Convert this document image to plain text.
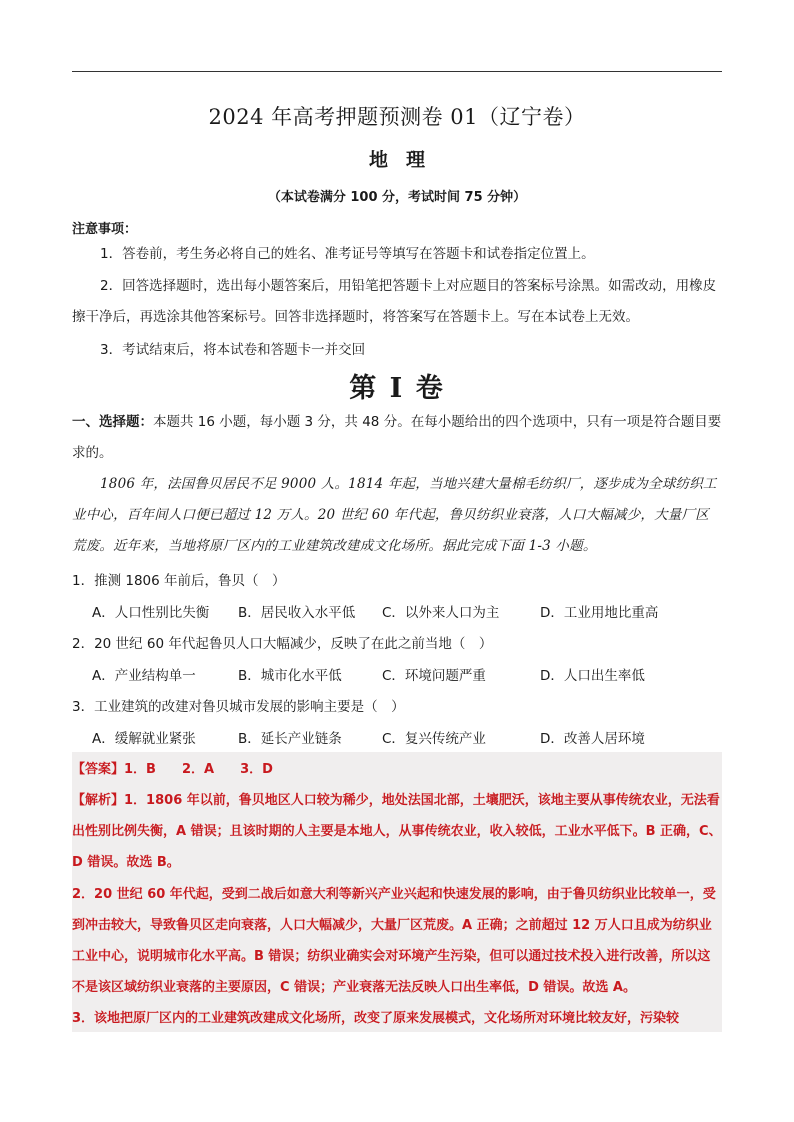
2024 年高考押题预测卷 01（辽宁卷）
地理
（本试卷满分 100 分，考试时间 75 分钟）
注意事项：
1．答卷前，考生务必将自己的姓名、准考证号等填写在答题卡和试卷指定位置上。
2．回答选择题时，选出每小题答案后，用铅笔把答题卡上对应题目的答案标号涂黑。如需改动，用橡皮擦干净后，再选涂其他答案标号。回答非选择题时，将答案写在答题卡上。写在本试卷上无效。
3．考试结束后，将本试卷和答题卡一并交回
第 I 卷
一、选择题：本题共 16 小题，每小题 3 分，共 48 分。在每小题给出的四个选项中，只有一项是符合题目要求的。
1806 年，法国鲁贝居民不足 9000 人。1814 年起，当地兴建大量棉毛纺织厂，逐步成为全球纺织工业中心，百年间人口便已超过 12 万人。20 世纪 60 年代起，鲁贝纺织业衰落，人口大幅减少，大量厂区荒废。近年来，当地将原厂区内的工业建筑改建成文化场所。据此完成下面 1-3 小题。
1．推测 1806 年前后，鲁贝（　）
A．人口性别比失衡	B．居民收入水平低	C．以外来人口为主	D．工业用地比重高
2．20 世纪 60 年代起鲁贝人口大幅减少，反映了在此之前当地（　）
A．产业结构单一	B．城市化水平低	C．环境问题严重	D．人口出生率低
3．工业建筑的改建对鲁贝城市发展的影响主要是（　）
A．缓解就业紧张	B．延长产业链条	C．复兴传统产业	D．改善人居环境
【答案】1．B　　2．A　　3．D
【解析】1．1806 年以前，鲁贝地区人口较为稀少，地处法国北部，土壤肥沃，该地主要从事传统农业，无法看出性别比例失衡，A 错误；且该时期的人主要是本地人，从事传统农业，收入较低，工业水平低下。B 正确，C、D 错误。故选 B。
2．20 世纪 60 年代起，受到二战后如意大利等新兴产业兴起和快速发展的影响，由于鲁贝纺织业比较单一，受到冲击较大，导致鲁贝区走向衰落，人口大幅减少，大量厂区荒废。A 正确；之前超过 12 万人口且成为纺织业工业中心，说明城市化水平高。B 错误；纺织业确实会对环境产生污染，但可以通过技术投入进行改善，所以这不是该区域纺织业衰落的主要原因，C 错误；产业衰落无法反映人口出生率低，D 错误。故选 A。
3．该地把原厂区内的工业建筑改建成文化场所，改变了原来发展模式，文化场所对环境比较友好，污染较
